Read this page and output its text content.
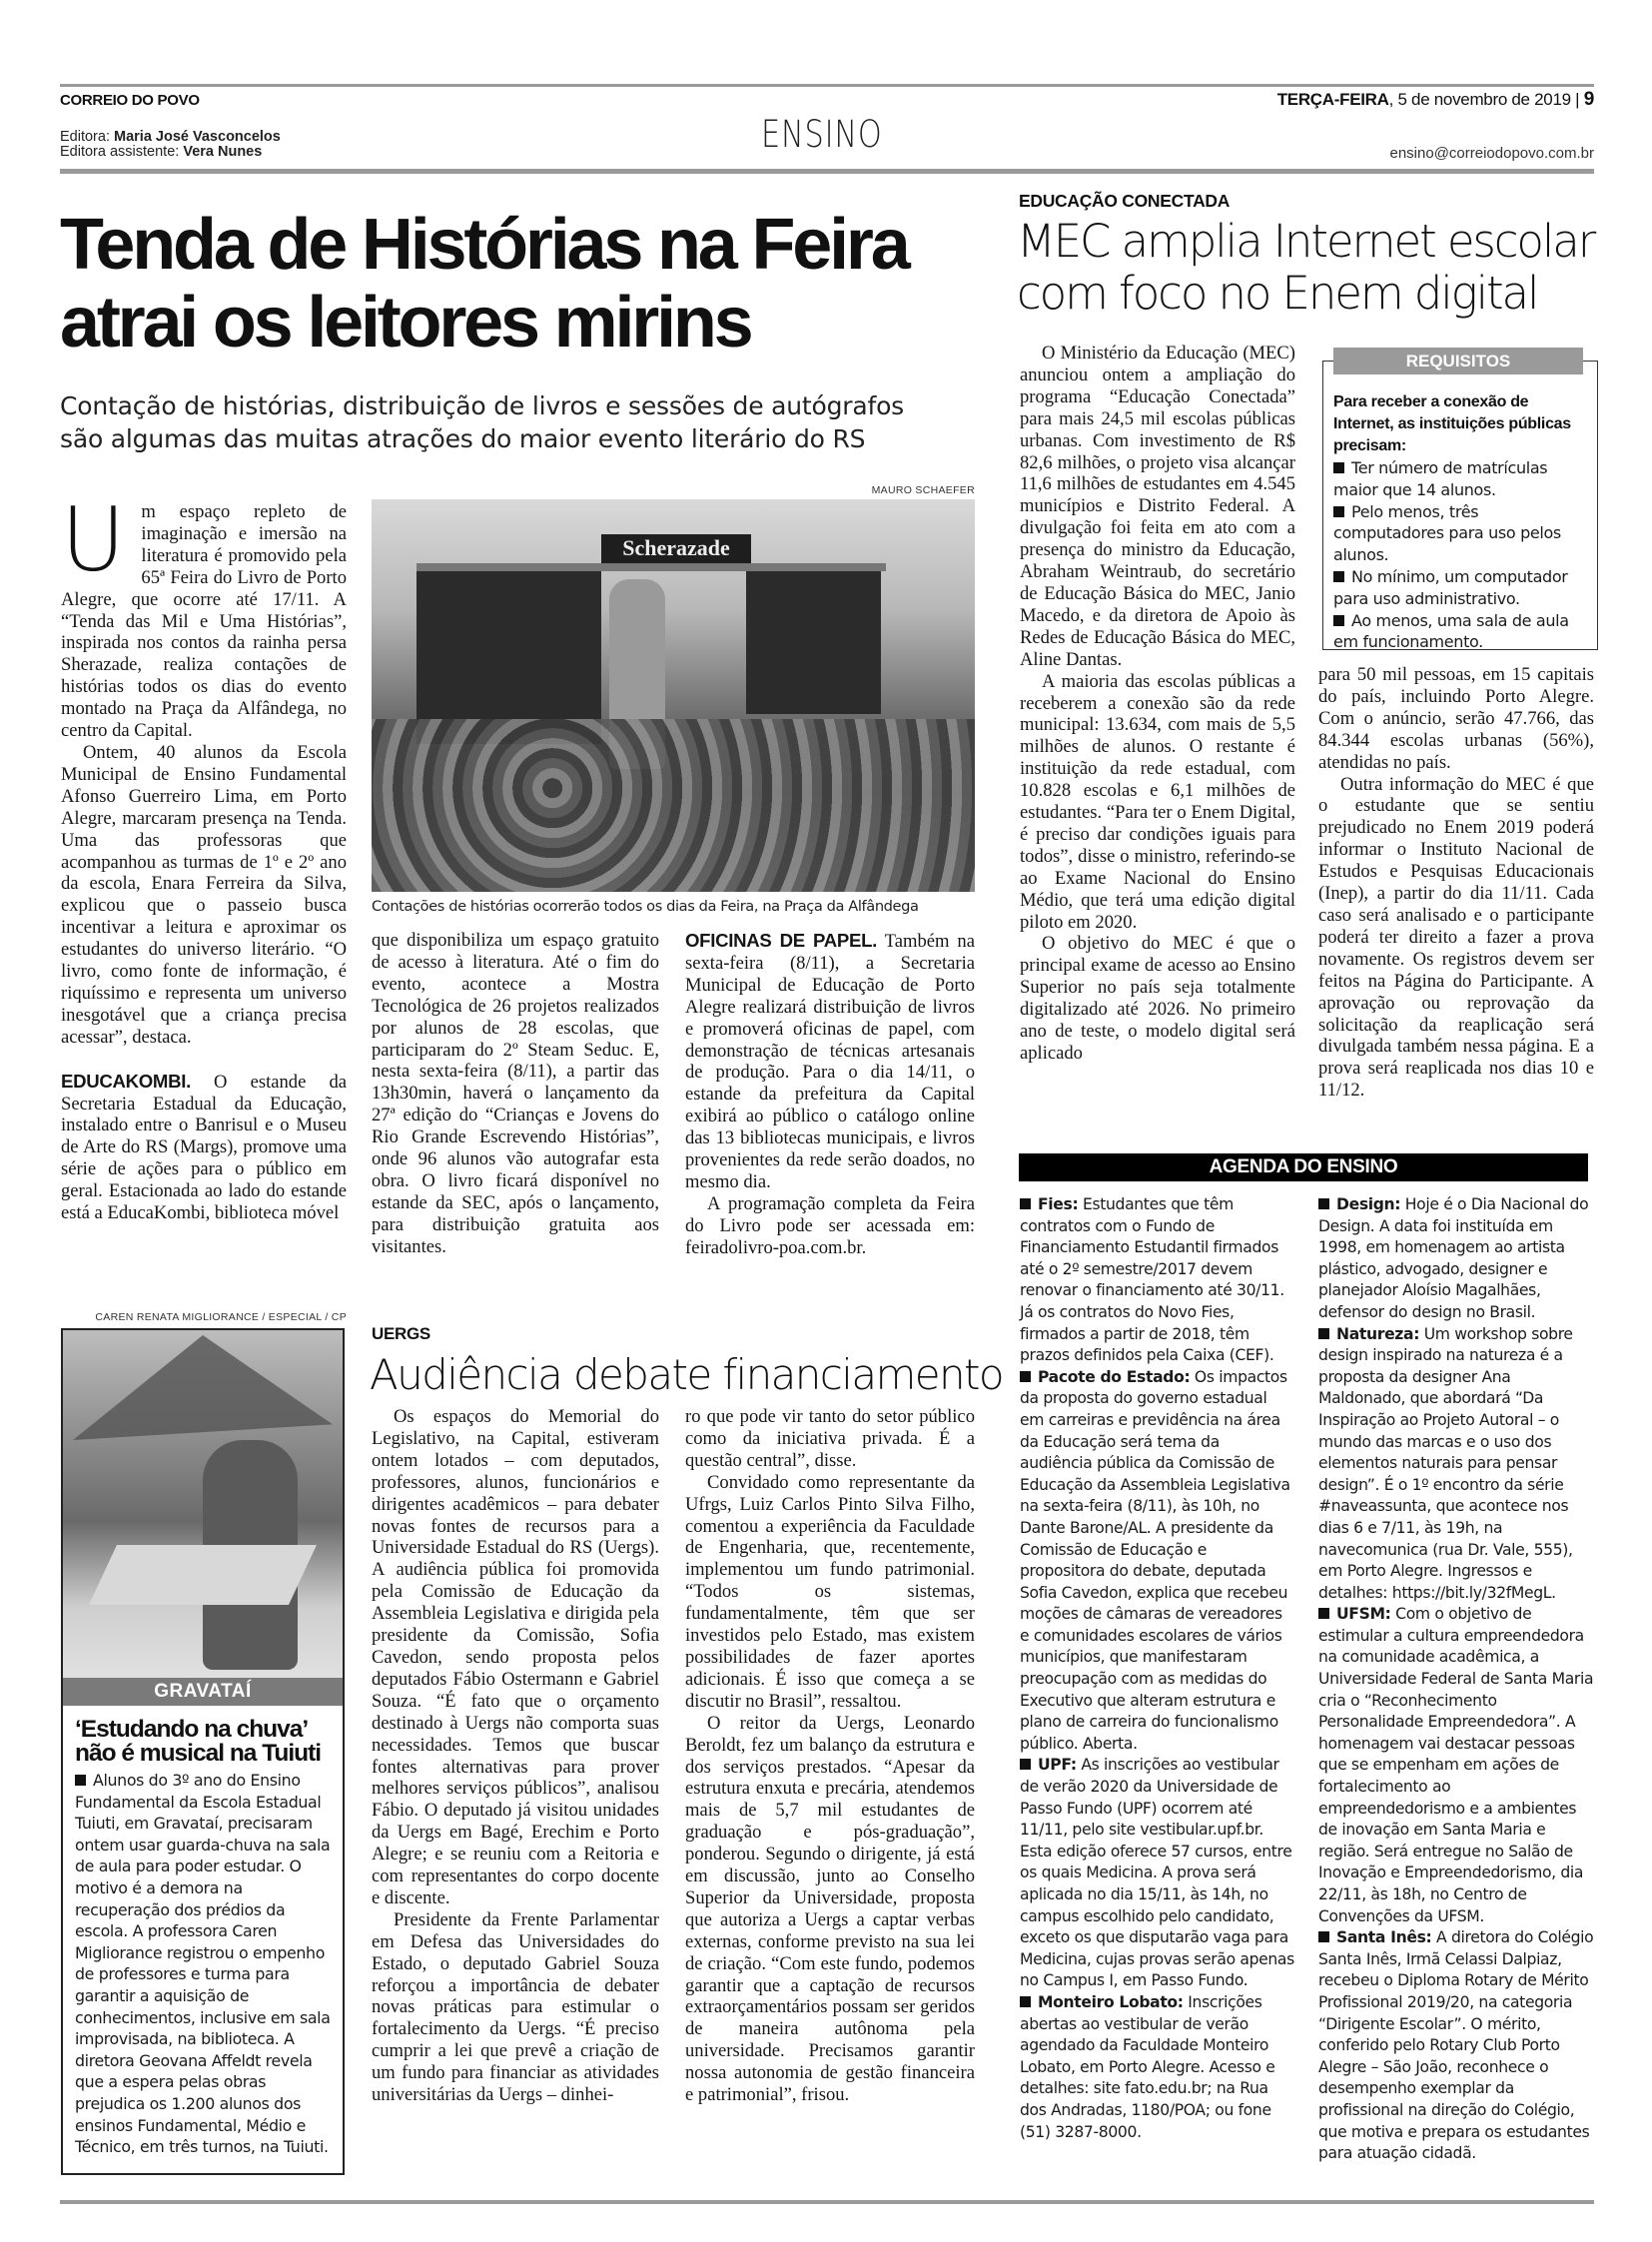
CORREIO DO POVO	TERÇA-FEIRA, 5 de novembro de 2019 | 9
ENSINO
Editora: Maria José Vasconcelos
Editora assistente: Vera Nunes	ensino@correiodopovo.com.br
Tenda de Histórias na Feira
atrai os leitores mirins
Contação de histórias, distribuição de livros e sessões de autógrafos
são algumas das muitas atrações do maior evento literário do RS

Um espaço repleto de imaginação e imersão na literatura é promovido pela 65ª Feira do Livro de Porto Alegre, que ocorre até 17/11. A “Tenda das Mil e Uma Histórias”, inspirada nos contos da rainha persa Sherazade, realiza contações de histórias todos os dias do evento montado na Praça da Alfândega, no centro da Capital.

Ontem, 40 alunos da Escola Municipal de Ensino Fundamental Afonso Guerreiro Lima, em Porto Alegre, marcaram presença na Tenda. Uma das professoras que acompanhou as turmas de 1º e 2º ano da escola, Enara Ferreira da Silva, explicou que o passeio busca incentivar a leitura e aproximar os estudantes do universo literário. “O livro, como fonte de informação, é riquíssimo e representa um universo inesgotável que a criança precisa acessar”, destaca.

EDUCAKOMBI. O estande da Secretaria Estadual da Educação, instalado entre o Banrisul e o Museu de Arte do RS (Margs), promove uma série de ações para o público em geral. Estacionada ao lado do estande está a EducaKombi, biblioteca móvel

MAURO SCHAEFER
Scherazade
Contações de histórias ocorrerão todos os dias da Feira, na Praça da Alfândega

que disponibiliza um espaço gratuito de acesso à literatura. Até o fim do evento, acontece a Mostra Tecnológica de 26 projetos realizados por alunos de 28 escolas, que participaram do 2º Steam Seduc. E, nesta sexta-feira (8/11), a partir das 13h30min, haverá o lançamento da 27ª edição do “Crianças e Jovens do Rio Grande Escrevendo Histórias”, onde 96 alunos vão autografar esta obra. O livro ficará disponível no estande da SEC, após o lançamento, para distribuição gratuita aos visitantes.

OFICINAS DE PAPEL. Também na sexta-feira (8/11), a Secretaria Municipal de Educação de Porto Alegre realizará distribuição de livros e promoverá oficinas de papel, com demonstração de técnicas artesanais de produção. Para o dia 14/11, o estande da prefeitura da Capital exibirá ao público o catálogo online das 13 bibliotecas municipais, e livros provenientes da rede serão doados, no mesmo dia.

A programação completa da Feira do Livro pode ser acessada em: feiradolivro-poa.com.br.

CAREN RENATA MIGLIORANCE / ESPECIAL / CP
GRAVATAÍ
‘Estudando na chuva’
não é musical na Tuiuti

Alunos do 3º ano do Ensino Fundamental da Escola Estadual Tuiuti, em Gravataí, precisaram ontem usar guarda-chuva na sala de aula para poder estudar. O motivo é a demora na recuperação dos prédios da escola. A professora Caren Migliorance registrou o empenho de professores e turma para garantir a aquisição de conhecimentos, inclusive em sala improvisada, na biblioteca. A diretora Geovana Affeldt revela que a espera pelas obras prejudica os 1.200 alunos dos ensinos Fundamental, Médio e Técnico, em três turnos, na Tuiuti.

UERGS
Audiência debate financiamento

Os espaços do Memorial do Legislativo, na Capital, estiveram ontem lotados – com deputados, professores, alunos, funcionários e dirigentes acadêmicos – para debater novas fontes de recursos para a Universidade Estadual do RS (Uergs). A audiência pública foi promovida pela Comissão de Educação da Assembleia Legislativa e dirigida pela presidente da Comissão, Sofia Cavedon, sendo proposta pelos deputados Fábio Ostermann e Gabriel Souza. “É fato que o orçamento destinado à Uergs não comporta suas necessidades. Temos que buscar fontes alternativas para prover melhores serviços públicos”, analisou Fábio. O deputado já visitou unidades da Uergs em Bagé, Erechim e Porto Alegre; e se reuniu com a Reitoria e com representantes do corpo docente e discente.

Presidente da Frente Parlamentar em Defesa das Universidades do Estado, o deputado Gabriel Souza reforçou a importância de debater novas práticas para estimular o fortalecimento da Uergs. “É preciso cumprir a lei que prevê a criação de um fundo para financiar as atividades universitárias da Uergs – dinhei-

ro que pode vir tanto do setor público como da iniciativa privada. É a questão central”, disse.

Convidado como representante da Ufrgs, Luiz Carlos Pinto Silva Filho, comentou a experiência da Faculdade de Engenharia, que, recentemente, implementou um fundo patrimonial. “Todos os sistemas, fundamentalmente, têm que ser investidos pelo Estado, mas existem possibilidades de fazer aportes adicionais. É isso que começa a se discutir no Brasil”, ressaltou.

O reitor da Uergs, Leonardo Beroldt, fez um balanço da estrutura e dos serviços prestados. “Apesar da estrutura enxuta e precária, atendemos mais de 5,7 mil estudantes de graduação e pós-graduação”, ponderou. Segundo o dirigente, já está em discussão, junto ao Conselho Superior da Universidade, proposta que autoriza a Uergs a captar verbas externas, conforme previsto na sua lei de criação. “Com este fundo, podemos garantir que a captação de recursos extraorçamentários possam ser geridos de maneira autônoma pela universidade. Precisamos garantir nossa autonomia de gestão financeira e patrimonial”, frisou.

EDUCAÇÃO CONECTADA
MEC amplia Internet escolar
com foco no Enem digital

O Ministério da Educação (MEC) anunciou ontem a ampliação do programa “Educação Conectada” para mais 24,5 mil escolas públicas urbanas. Com investimento de R$ 82,6 milhões, o projeto visa alcançar 11,6 milhões de estudantes em 4.545 municípios e Distrito Federal. A divulgação foi feita em ato com a presença do ministro da Educação, Abraham Weintraub, do secretário de Educação Básica do MEC, Janio Macedo, e da diretora de Apoio às Redes de Educação Básica do MEC, Aline Dantas.

A maioria das escolas públicas a receberem a conexão são da rede municipal: 13.634, com mais de 5,5 milhões de alunos. O restante é instituição da rede estadual, com 10.828 escolas e 6,1 milhões de estudantes. “Para ter o Enem Digital, é preciso dar condições iguais para todos”, disse o ministro, referindo-se ao Exame Nacional do Ensino Médio, que terá uma edição digital piloto em 2020.

O objetivo do MEC é que o principal exame de acesso ao Ensino Superior no país seja totalmente digitalizado até 2026. No primeiro ano de teste, o modelo digital será aplicado

REQUISITOS
Para receber a conexão de Internet, as instituições públicas precisam:

Ter número de matrículas maior que 14 alunos.

Pelo menos, três computadores para uso pelos alunos.

No mínimo, um computador para uso administrativo.

Ao menos, uma sala de aula em funcionamento.

para 50 mil pessoas, em 15 capitais do país, incluindo Porto Alegre. Com o anúncio, serão 47.766, das 84.344 escolas urbanas (56%), atendidas no país.

Outra informação do MEC é que o estudante que se sentiu prejudicado no Enem 2019 poderá informar o Instituto Nacional de Estudos e Pesquisas Educacionais (Inep), a partir do dia 11/11. Cada caso será analisado e o participante poderá ter direito a fazer a prova novamente. Os registros devem ser feitos na Página do Participante. A aprovação ou reprovação da solicitação da reaplicação será divulgada também nessa página. E a prova será reaplicada nos dias 10 e 11/12.

AGENDA DO ENSINO

Fies: Estudantes que têm contratos com o Fundo de Financiamento Estudantil firmados até o 2º semestre/2017 devem renovar o financiamento até 30/11. Já os contratos do Novo Fies, firmados a partir de 2018, têm prazos definidos pela Caixa (CEF).

Pacote do Estado: Os impactos da proposta do governo estadual em carreiras e previdência na área da Educação será tema da audiência pública da Comissão de Educação da Assembleia Legislativa na sexta-feira (8/11), às 10h, no Dante Barone/AL. A presidente da Comissão de Educação e propositora do debate, deputada Sofia Cavedon, explica que recebeu moções de câmaras de vereadores e comunidades escolares de vários municípios, que manifestaram preocupação com as medidas do Executivo que alteram estrutura e plano de carreira do funcionalismo público. Aberta.

UPF: As inscrições ao vestibular de verão 2020 da Universidade de Passo Fundo (UPF) ocorrem até 11/11, pelo site vestibular.upf.br. Esta edição oferece 57 cursos, entre os quais Medicina. A prova será aplicada no dia 15/11, às 14h, no campus escolhido pelo candidato, exceto os que disputarão vaga para Medicina, cujas provas serão apenas no Campus I, em Passo Fundo.

Monteiro Lobato: Inscrições abertas ao vestibular de verão agendado da Faculdade Monteiro Lobato, em Porto Alegre. Acesso e detalhes: site fato.edu.br; na Rua dos Andradas, 1180/POA; ou fone (51) 3287-8000.

Design: Hoje é o Dia Nacional do Design. A data foi instituída em 1998, em homenagem ao artista plástico, advogado, designer e planejador Aloísio Magalhães, defensor do design no Brasil.

Natureza: Um workshop sobre design inspirado na natureza é a proposta da designer Ana Maldonado, que abordará “Da Inspiração ao Projeto Autoral – o mundo das marcas e o uso dos elementos naturais para pensar design”. É o 1º encontro da série #naveassunta, que acontece nos dias 6 e 7/11, às 19h, na navecomunica (rua Dr. Vale, 555), em Porto Alegre. Ingressos e detalhes: https://bit.ly/32fMegL.

UFSM: Com o objetivo de estimular a cultura empreendedora na comunidade acadêmica, a Universidade Federal de Santa Maria cria o “Reconhecimento Personalidade Empreendedora”. A homenagem vai destacar pessoas que se empenham em ações de fortalecimento ao empreendedorismo e a ambientes de inovação em Santa Maria e região. Será entregue no Salão de Inovação e Empreendedorismo, dia 22/11, às 18h, no Centro de Convenções da UFSM.

Santa Inês: A diretora do Colégio Santa Inês, Irmã Celassi Dalpiaz, recebeu o Diploma Rotary de Mérito Profissional 2019/20, na categoria “Dirigente Escolar”. O mérito, conferido pelo Rotary Club Porto Alegre – São João, reconhece o desempenho exemplar da profissional na direção do Colégio, que motiva e prepara os estudantes para atuação cidadã.
